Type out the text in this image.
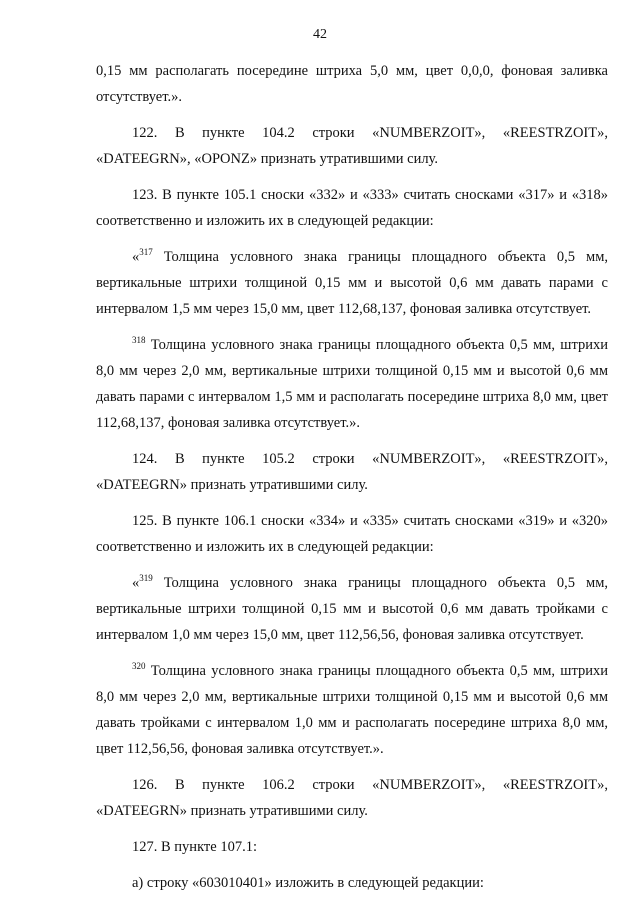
42

0,15 мм располагать посередине штриха 5,0 мм, цвет 0,0,0, фоновая заливка отсутствует.».

122. В пункте 104.2 строки «NUMBERZOIT», «REESTRZOIT», «DATEEGRN», «OPONZ» признать утратившими силу.

123. В пункте 105.1 сноски «332» и «333» считать сносками «317» и «318» соответственно и изложить их в следующей редакции:

«$^{317}$ Толщина условного знака границы площадного объекта 0,5 мм, вертикальные штрихи толщиной 0,15 мм и высотой 0,6 мм давать парами с интервалом 1,5 мм через 15,0 мм, цвет 112,68,137, фоновая заливка отсутствует.

$^{318}$ Толщина условного знака границы площадного объекта 0,5 мм, штрихи 8,0 мм через 2,0 мм, вертикальные штрихи толщиной 0,15 мм и высотой 0,6 мм давать парами с интервалом 1,5 мм и располагать посередине штриха 8,0 мм, цвет 112,68,137, фоновая заливка отсутствует.».

124. В пункте 105.2 строки «NUMBERZOIT», «REESTRZOIT», «DATEEGRN» признать утратившими силу.

125. В пункте 106.1 сноски «334» и «335» считать сносками «319» и «320» соответственно и изложить их в следующей редакции:

«$^{319}$ Толщина условного знака границы площадного объекта 0,5 мм, вертикальные штрихи толщиной 0,15 мм и высотой 0,6 мм давать тройками с интервалом 1,0 мм через 15,0 мм, цвет 112,56,56, фоновая заливка отсутствует.

$^{320}$ Толщина условного знака границы площадного объекта 0,5 мм, штрихи 8,0 мм через 2,0 мм, вертикальные штрихи толщиной 0,15 мм и высотой 0,6 мм давать тройками с интервалом 1,0 мм и располагать посередине штриха 8,0 мм, цвет 112,56,56, фоновая заливка отсутствует.».

126. В пункте 106.2 строки «NUMBERZOIT», «REESTRZOIT», «DATEEGRN» признать утратившими силу.

127. В пункте 107.1:

а) строку «603010401» изложить в следующей редакции:
